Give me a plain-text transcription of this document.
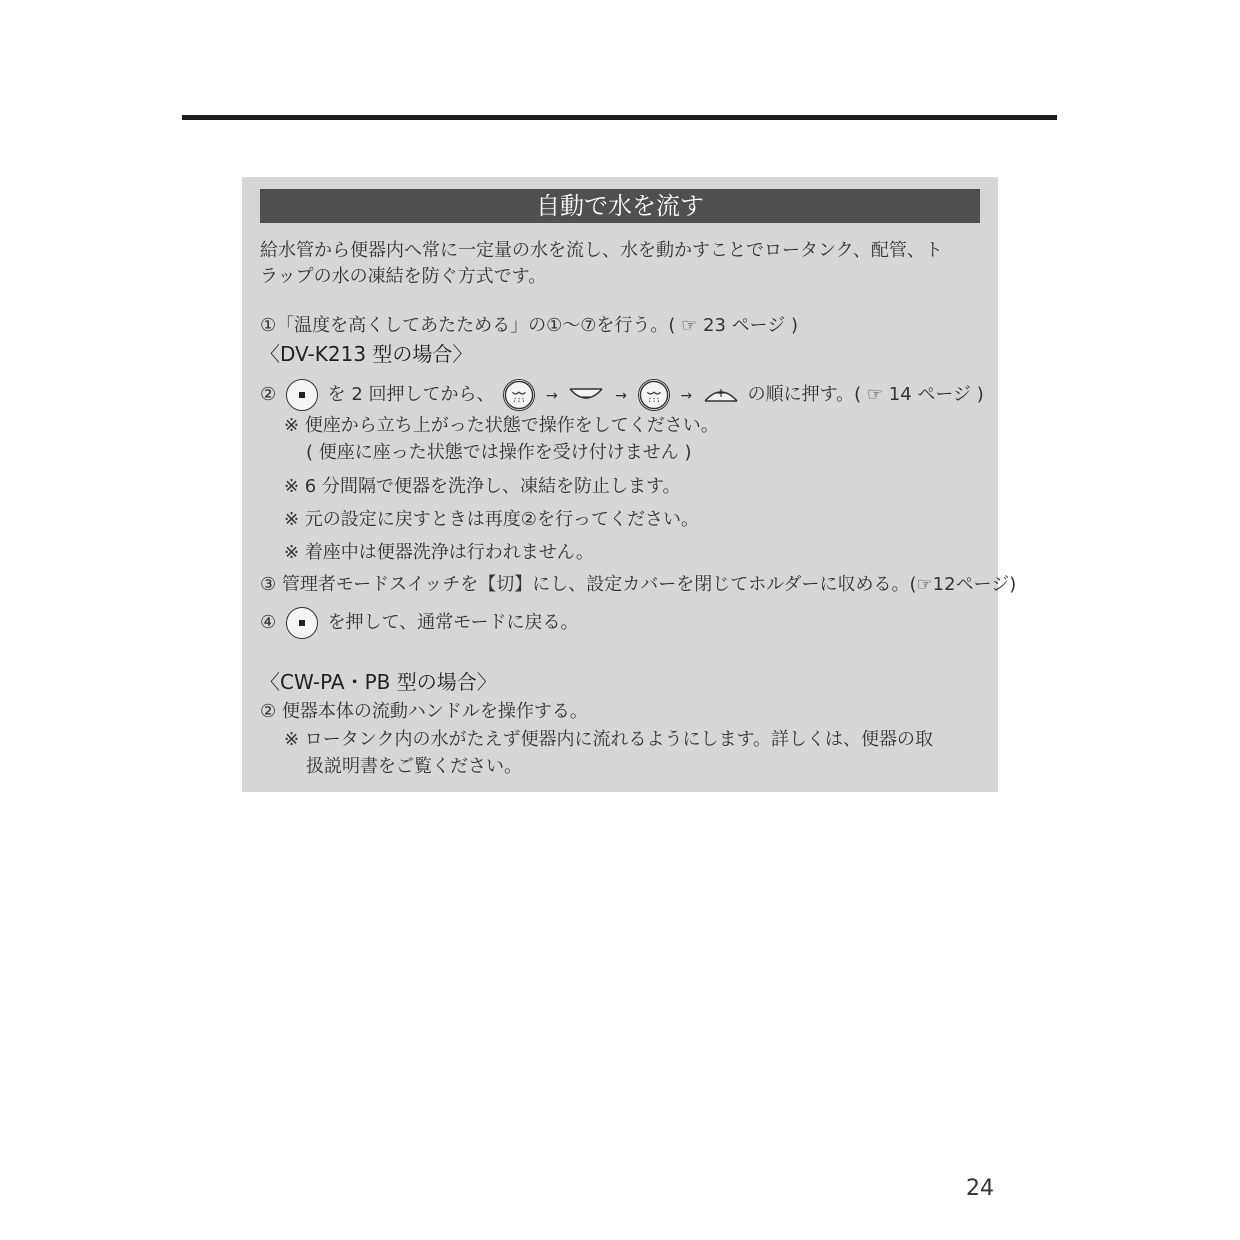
自動で水を流す
給水管から便器内へ常に一定量の水を流し、水を動かすことでロータンク、配管、ト
ラップの水の凍結を防ぐ方式です。
①「温度を高くしてあたためる」の①〜⑦を行う。( ☞ 23 ページ )
〈DV-K213 型の場合〉
②	を 2 回押してから、	→	→	→	の順に押す。( ☞ 14 ページ )
※ 便座から立ち上がった状態で操作をしてください。
( 便座に座った状態では操作を受け付けません )
※ 6 分間隔で便器を洗浄し、凍結を防止します。
※ 元の設定に戻すときは再度②を行ってください。
※ 着座中は便器洗浄は行われません。
③ 管理者モードスイッチを【切】にし、設定カバーを閉じてホルダーに収める。(☞12ページ)
④	を押して、通常モードに戻る。
〈CW-PA・PB 型の場合〉
② 便器本体の流動ハンドルを操作する。
※ ロータンク内の水がたえず便器内に流れるようにします。詳しくは、便器の取
扱説明書をご覧ください。
24
